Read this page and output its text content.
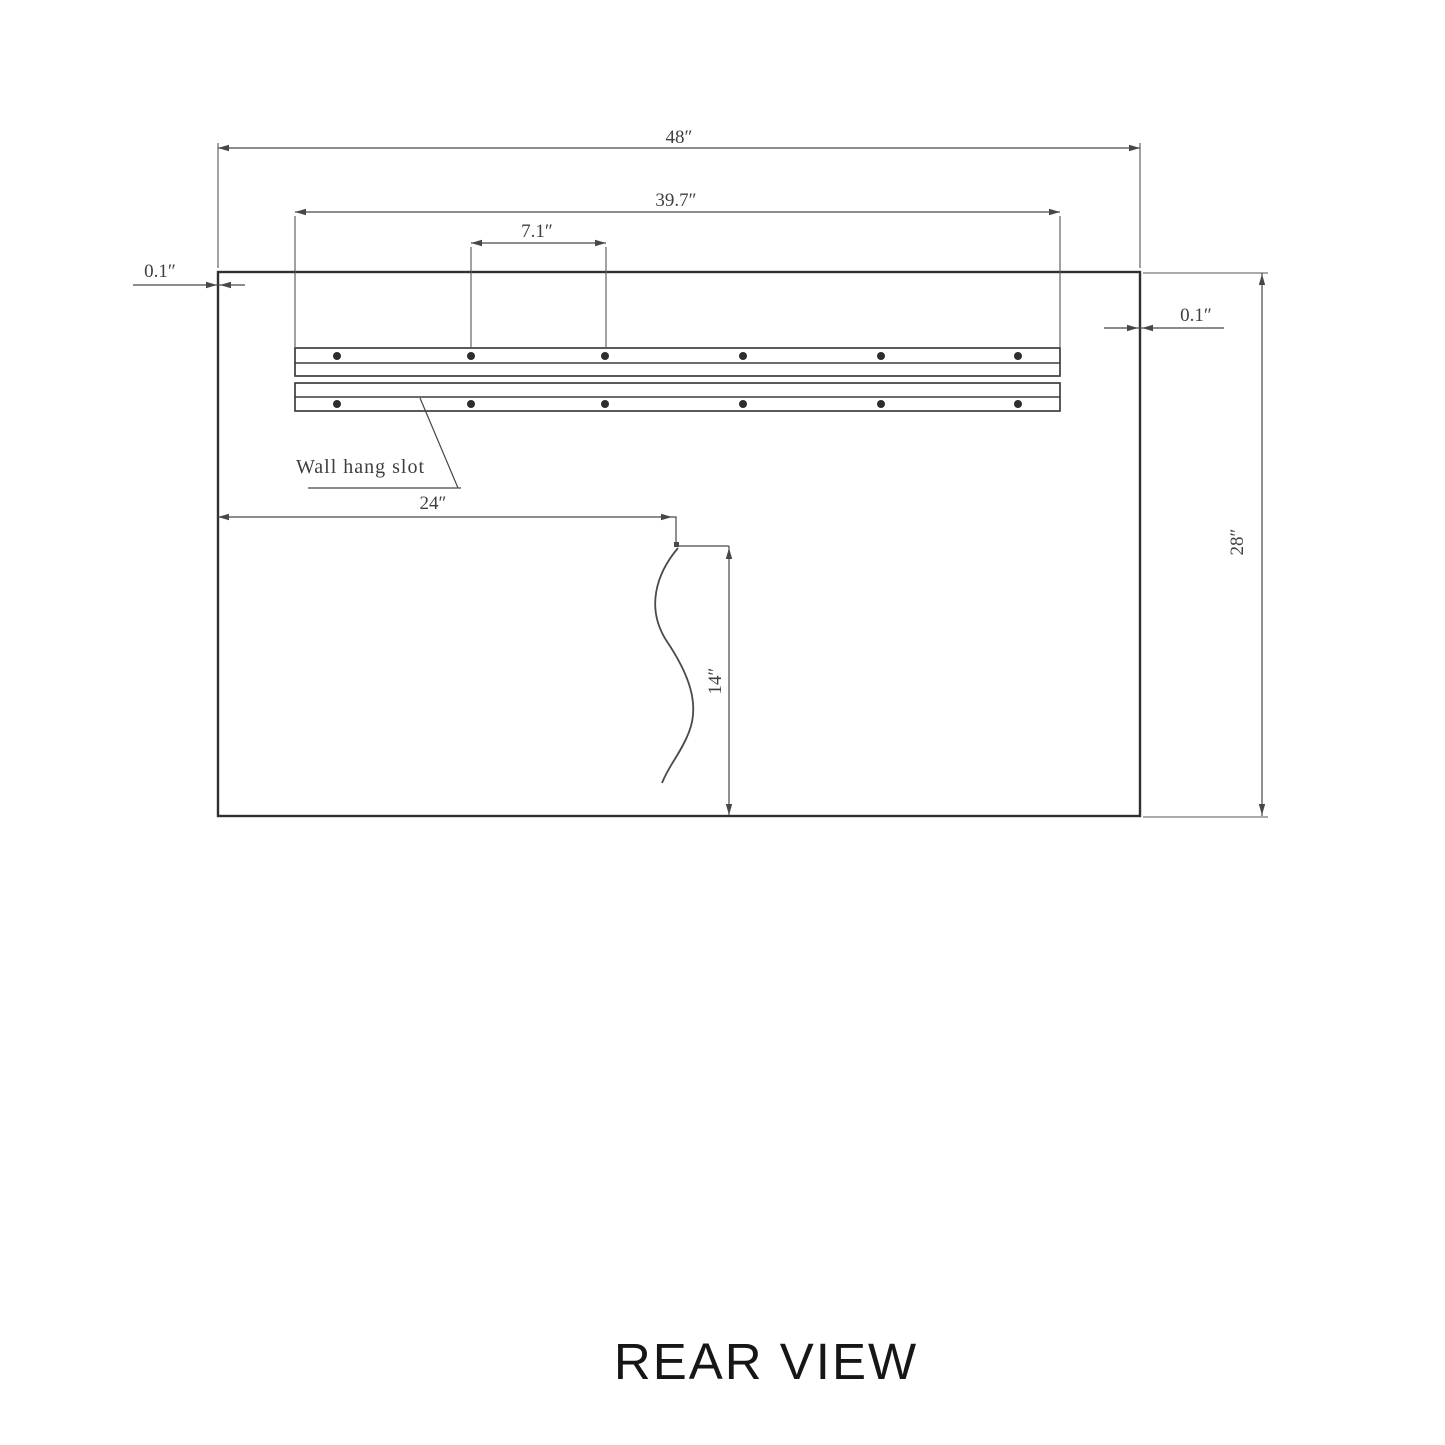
48″
39.7″
7.1″
0.1″
0.1″
28″
24″
14″
Wall hang slot
REAR VIEW
